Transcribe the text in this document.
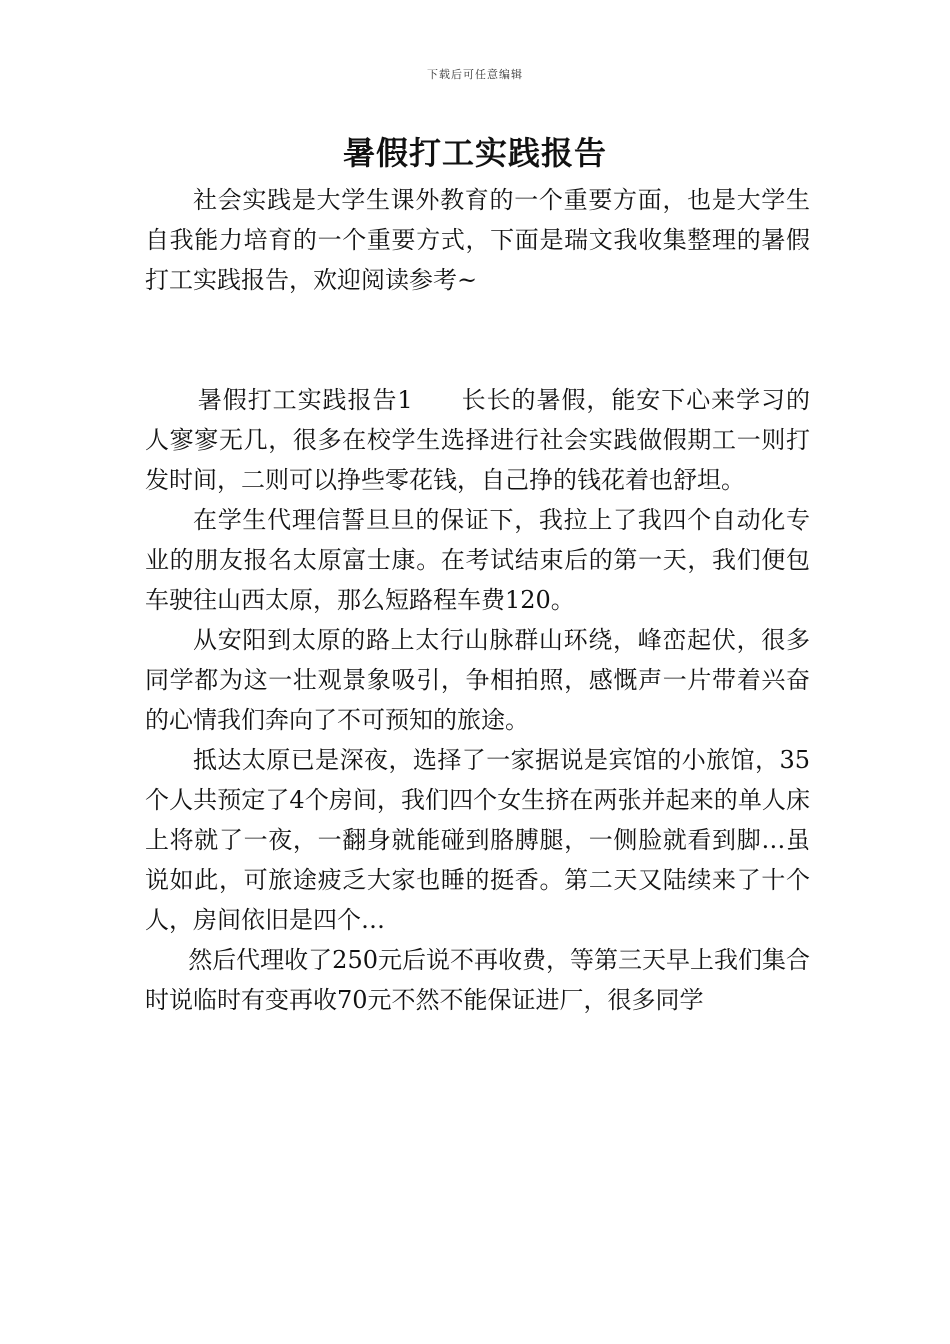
下载后可任意编辑
暑假打工实践报告

社会实践是大学生课外教育的一个重要方面，也是大学生自我能力培育的一个重要方式，下面是瑞文我收集整理的暑假打工实践报告，欢迎阅读参考~

暑假打工实践报告1   长长的暑假，能安下心来学习的人寥寥无几，很多在校学生选择进行社会实践做假期工一则打发时间，二则可以挣些零花钱，自己挣的钱花着也舒坦。

在学生代理信誓旦旦的保证下，我拉上了我四个自动化专业的朋友报名太原富士康。在考试结束后的第一天，我们便包车驶往山西太原，那么短路程车费120。

从安阳到太原的路上太行山脉群山环绕，峰峦起伏，很多同学都为这一壮观景象吸引，争相拍照，感慨声一片带着兴奋的心情我们奔向了不可预知的旅途。

抵达太原已是深夜，选择了一家据说是宾馆的小旅馆，35个人共预定了4个房间，我们四个女生挤在两张并起来的单人床上将就了一夜，一翻身就能碰到胳膊腿，一侧脸就看到脚…虽说如此，可旅途疲乏大家也睡的挺香。第二天又陆续来了十个人，房间依旧是四个…

然后代理收了250元后说不再收费，等第三天早上我们集合时说临时有变再收70元不然不能保证进厂，很多同学
